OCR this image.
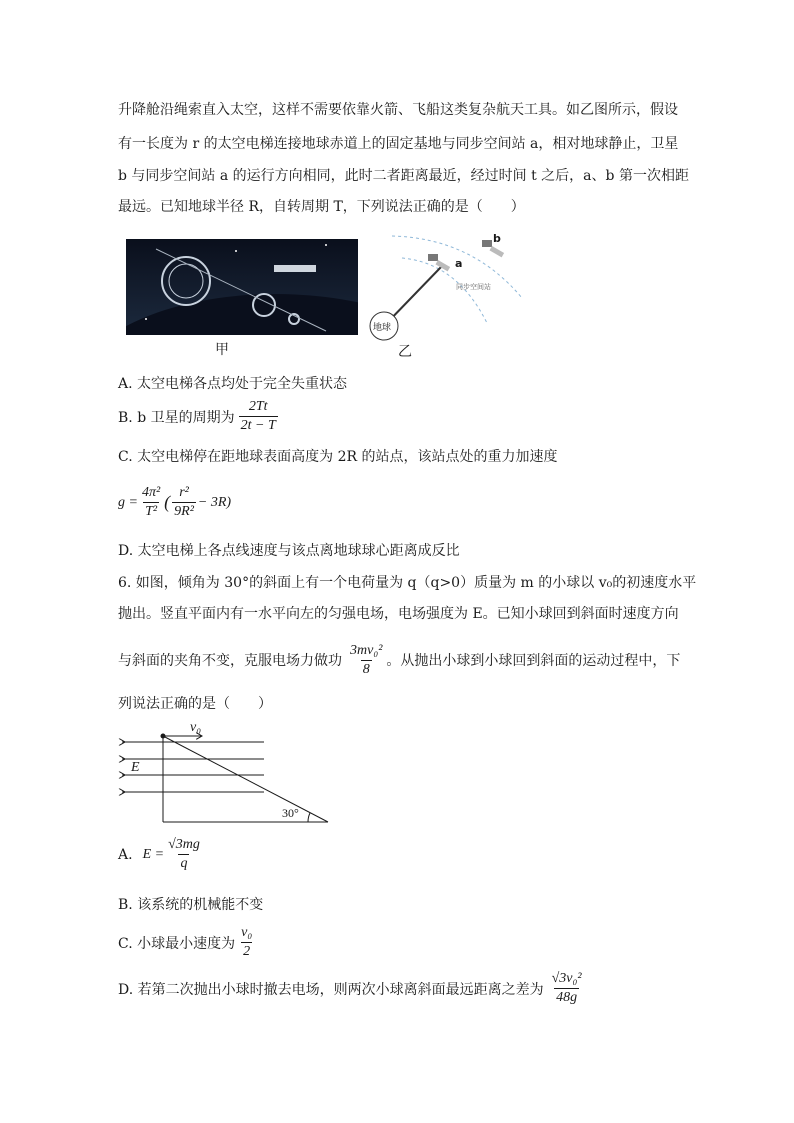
升降舱沿绳索直入太空，这样不需要依靠火箭、飞船这类复杂航天工具。如乙图所示，假设
有一长度为 r 的太空电梯连接地球赤道上的固定基地与同步空间站 a，相对地球静止，卫星
b 与同步空间站 a 的运行方向相同，此时二者距离最近，经过时间 t 之后，a、b 第一次相距
最远。已知地球半径 R，自转周期 T，下列说法正确的是（　　）
甲
a
b
地球
同步空间站
乙
A. 太空电梯各点均处于完全失重状态
B. b 卫星的周期为 $\frac{2Tt}{2t - T}$
C. 太空电梯停在距地球表面高度为 2R 的站点，该站点处的重力加速度
$g = \frac{\text{4π²}}{\text{T²}}$ ( $\frac{\text{r²}}{\text{9R²}} - 3R$)
D. 太空电梯上各点线速度与该点离地球球心距离成反比
6. 如图，倾角为 30°的斜面上有一个电荷量为 q（q>0）质量为 m 的小球以 v₀的初速度水平
抛出。竖直平面内有一水平向左的匀强电场，电场强度为 E。已知小球回到斜面时速度方向
与斜面的夹角不变，克服电场力做功 $\frac{\text{3mv₀²}}{8}$ 。从抛出小球到小球回到斜面的运动过程中，下
列说法正确的是（　　）
v₀
E
30°
A. $E = \frac{√3mg}{q}$
B. 该系统的机械能不变
C. 小球最小速度为 $\frac{\text{v₀}}{2}$
D. 若第二次抛出小球时撤去电场，则两次小球离斜面最远距离之差为 $\frac{\text{√3v₀²}}{48g}$
